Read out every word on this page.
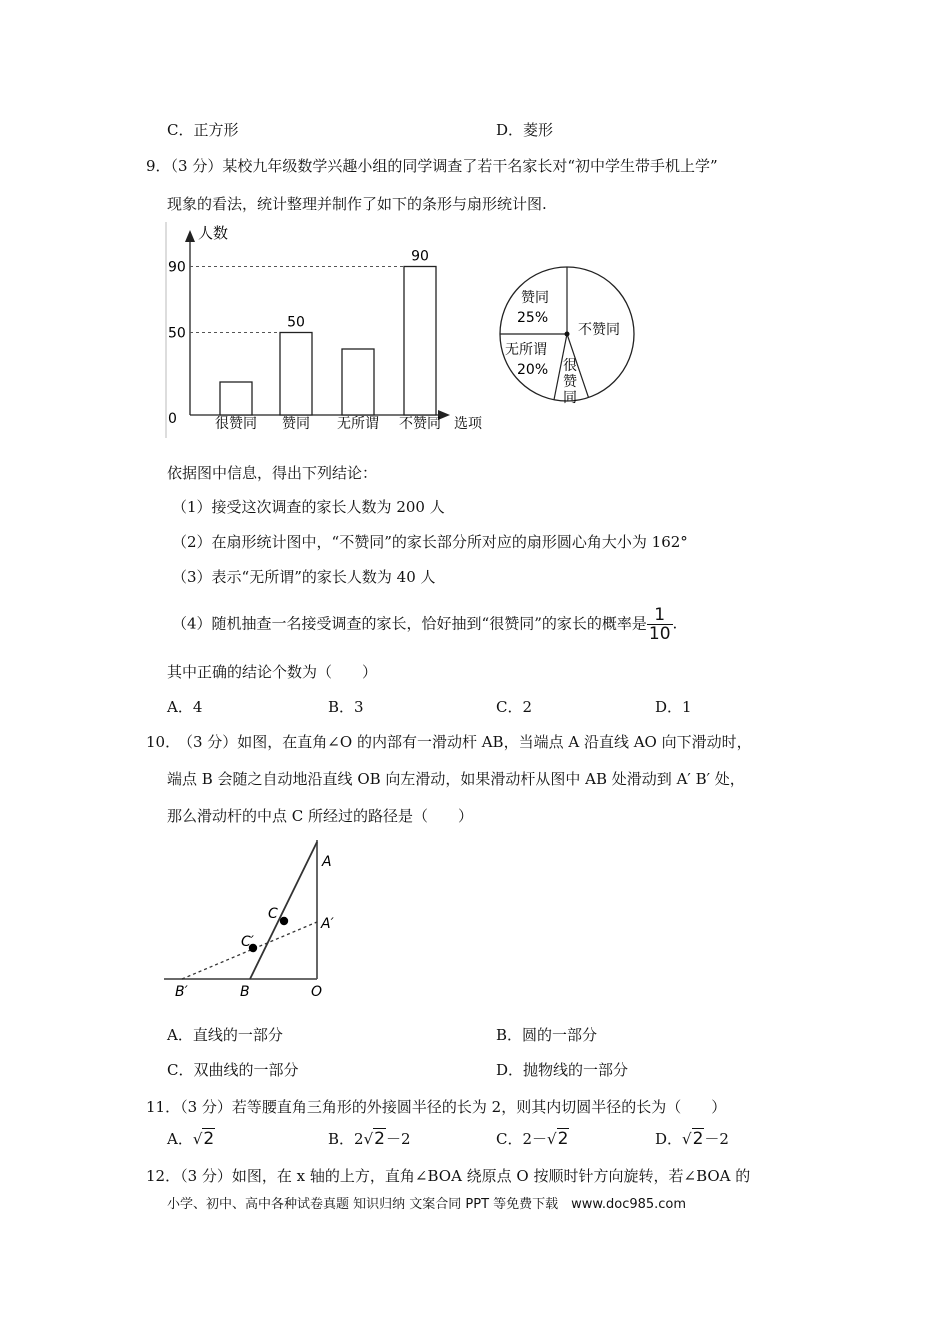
C．正方形	D．菱形
9．（3 分）某校九年级数学兴趣小组的同学调查了若干名家长对“初中学生带手机上学”
现象的看法，统计整理并制作了如下的条形与扇形统计图.
人数
选项
0
50
90
很赞同
50
赞同 无所谓
90
不赞同
赞同
25%
不赞同
无所谓
20% 很
赞
同
依据图中信息，得出下列结论：
（1）接受这次调查的家长人数为 200 人
（2）在扇形统计图中，“不赞同”的家长部分所对应的扇形圆心角大小为 162°
（3）表示“无所谓”的家长人数为 40 人
（4）随机抽查一名接受调查的家长，恰好抽到“很赞同”的家长的概率是 $\frac{1}{10}$ .
其中正确的结论个数为（　　）
A．4	B．3	C．2	D．1
10．
（3 分）如图，在直角∠O 的内部有一滑动杆 AB，当端点 A 沿直线 AO 向下滑动时，
端点 B 会随之自动地沿直线 OB 向左滑动，如果滑动杆从图中 AB 处滑动到 A′ B′ 处，
那么滑动杆的中点 C 所经过的路径是（　　）
A
A′
C
C′
B′	B	O
A．直线的一部分	B．圆的一部分
C．双曲线的一部分	D．抛物线的一部分
11．（3 分）若等腰直角三角形的外接圆半径的长为 2，则其内切圆半径的长为（　　）
A．√2	B．2√2－2	C．2－√2	D．√2－2
12．（3 分）如图，在 x 轴的上方，直角∠BOA 绕原点 O 按顺时针方向旋转，若∠BOA 的
小学、初中、高中各种试卷真题 知识归纳 文案合同 PPT 等免费下载　www.doc985.com
